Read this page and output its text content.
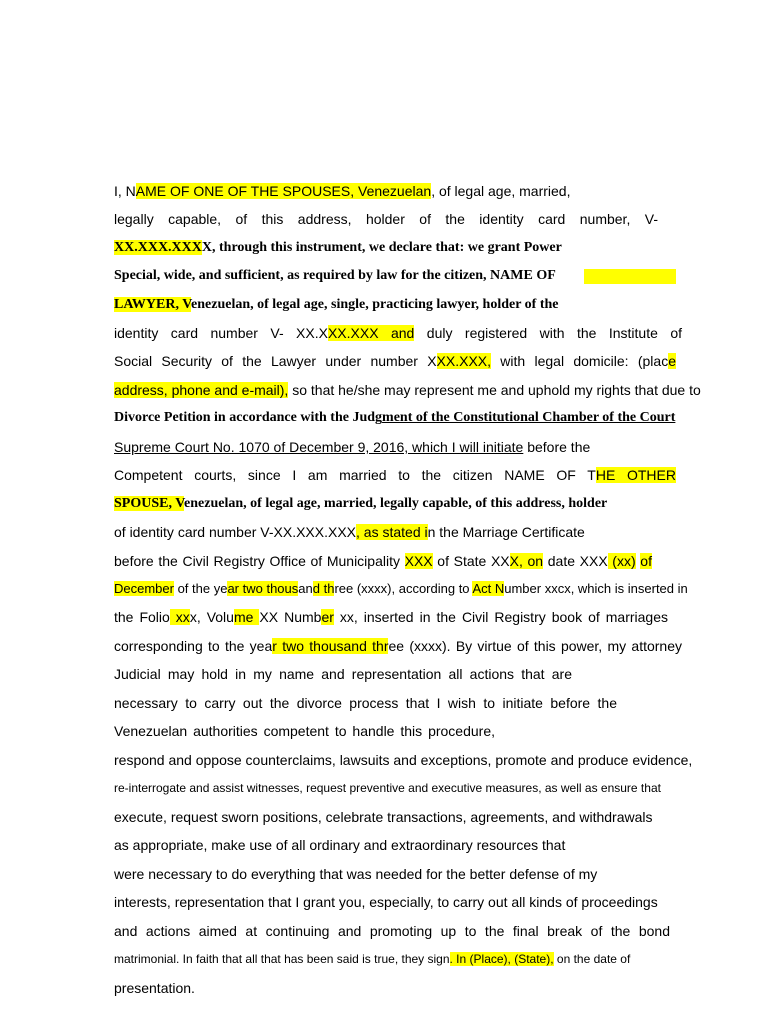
I, NAME OF ONE OF THE SPOUSES, Venezuelan, of legal age, married,
legally capable, of this address, holder of the identity card number, V-
XX.XXX.XXXX, through this instrument, we declare that: we grant Power
Special, wide, and sufficient, as required by law for the citizen, NAME OF
LAWYER, Venezuelan, of legal age, single, practicing lawyer, holder of the
identity card number V- XX.XXX.XXX and duly registered with the Institute of
Social Security of the Lawyer under number XXX.XXX, with legal domicile: (place
address, phone and e-mail), so that he/she may represent me and uphold my rights that due to
Divorce Petition in accordance with the Judgment of the Constitutional Chamber of the Court
Supreme Court No. 1070 of December 9, 2016, which I will initiate before the
Competent courts, since I am married to the citizen NAME OF THE OTHER
SPOUSE, Venezuelan, of legal age, married, legally capable, of this address, holder
of identity card number V-XX.XXX.XXX, as stated in the Marriage Certificate
before the Civil Registry Office of Municipality XXX of State XXX, on date XXX (xx) of
December of the year two thousand three (xxxx), according to Act Number xxcx, which is inserted in
the Folio xxx, Volume XX Number xx, inserted in the Civil Registry book of marriages
corresponding to the year two thousand three (xxxx). By virtue of this power, my attorney
Judicial may hold in my name and representation all actions that are
necessary to carry out the divorce process that I wish to initiate before the
Venezuelan authorities competent to handle this procedure,
respond and oppose counterclaims, lawsuits and exceptions, promote and produce evidence,
re-interrogate and assist witnesses, request preventive and executive measures, as well as ensure that
execute, request sworn positions, celebrate transactions, agreements, and withdrawals
as appropriate, make use of all ordinary and extraordinary resources that
were necessary to do everything that was needed for the better defense of my
interests, representation that I grant you, especially, to carry out all kinds of proceedings
and actions aimed at continuing and promoting up to the final break of the bond
matrimonial. In faith that all that has been said is true, they sign. In (Place), (State), on the date of
presentation.
